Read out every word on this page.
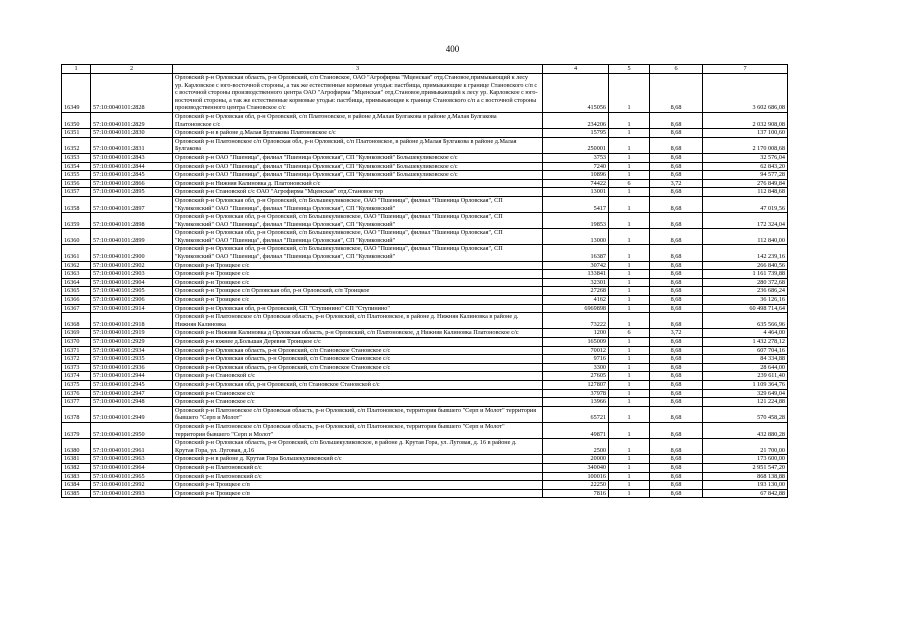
400
1	2	3	4	5	6	7
16349	57:10:0040101:2828	Орловский р-н Орловская область, р-н Орловский, с/п Становское, ОАО "Агрофирма "Мценская" отд.Становое,примыкающий к лесу
ур. Карловское с юго-восточной стороны, а так же естественные кормовые угодья: пастбища, примыкающие к границе Становского с/п с
с восточной стороны производственного центра ОАО "Агрофирма "Мценская" отд.Становое,примыкающий к лесу ур. Карловское с юго-
восточной стороны, а так же естественные кормовые угодья: пастбища, примыкающие к границе Становского с/п а с восточной стороны
производственного центра Становское с/с	415056	1	8,68	3 602 686,08
16350	57:10:0040101:2829	Орловский р-н Орловская обл, р-н Орловский, с/п Платоновское, в районе д.Малая Булгакова в районе д.Малая Булгакова
Платоновское с/с	234206	1	8,68	2 032 908,08
16351	57:10:0040101:2830	Орловский р-н в районе д.Малая Булгакова Платоновское с/с	15795	1	8,68	137 100,60
16352	57:10:0040101:2831	Орловский р-н Платоновское с/п Орловская обл, р-н Орловский, с/п Платоновское, в районе д.Малая Булгакова в районе д.Малая
Булгакова	250001	1	8,68	2 170 008,68
16353	57:10:0040101:2843	Орловский р-н ОАО "Пшеница", филиал "Пшеница Орловская", СП "Кулнковский" Большекуликовское с/с	3753	1	8,68	32 576,04
16354	57:10:0040101:2844	Орловский р-н ОАО "Пшеница", филиал "Пшеница Орловская", СП "Куликовский" Большекуликовское с/с	7240	1	8,68	62 843,20
16355	57:10:0040101:2845	Орловский р-н ОАО "Пшеница", филиал "Пшеница Орловская", СП "Куликовский" Большекуликовское с/с	10896	1	8,68	94 577,28
16356	57:10:0040101:2866	Орловский р-н Нижняя Калиновка д. Платоновский с/с	74422	6	3,72	276 849,84
16357	57:10:0040101:2895	Орловский р-н Становской с/с ОАО "Агрофирма "Мценская" отд.Становое тер	13001	1	8,68	112 848,68
16358	57:10:0040101:2897	Орловский р-н Орловская обл, р-н Орловский, с/п Большекуликовское, ОАО "Пшеница", филиал "Пшеница Орловская", СП
"Куликовский" ОАО "Пшеница", филиал "Пшеница Орловская", СП "Куликовский"	5417	1	8,68	47 019,56
16359	57:10:0040101:2898	Орловский р-н Орловская обл, р-н Орловский, с/п Большекуликовское, ОАО "Пшеница", филиал "Пшеница Орловская", СП
"Куликовский" ОАО "Пшеница", филиал "Пшеница Орловская", СП "Куликовский"	19853	1	8,68	172 324,04
16360	57:10:0040101:2899	Орловский р-н Орловская обл, р-н Орловский, с/п Большекуликовское, ОАО "Пшеница", филиал "Пшеница Орловская", СП
"Куликовский" ОАО "Пшеница", филиал "Пшеница Орловская", СП "Куликовский"	13000	1	8,68	112 840,00
16361	57:10:0040101:2900	Орловский р-н Орловская обл, р-н Орловский, с/п Большекуликовское, ОАО "Пшеница", филиал "Пшеница Орловская", СП
"Куликовский" ОАО "Пшеница", филиал "Пшеница Орловская", СП "Куликовский"	16387	1	8,68	142 239,16
16362	57:10:0040101:2902	Орловский р-н Троицкое с/с	30742	1	8,68	266 840,56
16363	57:10:0040101:2903	Орловский р-н Троицкое с/с	133841	1	8,68	1 161 739,88
16364	57:10:0040101:2904	Орловский р-н Троицкое с/с	32301	1	8,68	280 372,68
16365	57:10:0040101:2905	Орловский р-н Троицкое с/п Орловская обл, р-н Орловский, с/п Троицкое	27268	1	8,68	236 686,24
16366	57:10:0040101:2906	Орловский р-н Троицкое с/с	4162	1	8,68	36 126,16
16367	57:10:0040101:2914	Орловский р-н Орловская обл, р-н Орловский, СП "Ступинино" СП "Ступинино"	6969898	1	8,68	60 498 714,64
16368	57:10:0040101:2918	Орловский р-н Платоновское с/п Орловская область, р-н Орловский, с/п Платоновское, в районе д. Нижняя Калиновка в районе д.
Нижняя Калиновка	73222	1	8,68	635 566,96
16369	57:10:0040101:2919	Орловский р-н Нижняя Калиновка д Орловская область, р-н Орловский, с/п Платоновское, д Нижняя Калиновка Платоновское с/с	1200	6	3,72	4 464,00
16370	57:10:0040101:2929	Орловский р-н южнее д.Большая Деревня Троицкое с/с	165009	1	8,68	1 432 278,12
16371	57:10:0040101:2934	Орловский р-н Орловская область, р-н Орловский, с/п Становское Становское с/с	70012	1	8,68	607 704,16
16372	57:10:0040101:2935	Орловский р-н Орловская область, р-н Орловский, с/п Становское Становское с/с	9716	1	8,68	84 334,88
16373	57:10:0040101:2936	Орловский р-н Орловская область, р-н Орловский, с/п Становское Становское с/с	3300	1	8,68	28 644,00
16374	57:10:0040101:2944	Орловский р-н Становской с/с	27605	1	8,68	239 611,40
16375	57:10:0040101:2945	Орловский р-н Орловская обл, р-н Орловский, с/п Становское Становской с/с	127807	1	8,68	1 109 364,76
16376	57:10:0040101:2947	Орловский р-н Становское с/с	37978	1	8,68	329 649,04
16377	57:10:0040101:2948	Орловский р-н Становское с/с	13966	1	8,68	121 224,88
16378	57:10:0040101:2949	Орловский р-н Платоновское с/п Орловская область, р-н Орловский, с/п Платоновское, территория бывшего "Серп и Молот" территория
бывшего "Серп и Молот"	65721	1	8,68	570 458,28
16379	57:10:0040101:2950	Орловский р-н Платоновское с/п Орловская область, р-н Орловский, с/п Платоновское, территория бывшего "Серп и Молот"
территория бывшего "Серп и Молот"	49871	1	8,68	432 880,28
16380	57:10:0040101:2961	Орловский р-н Орловская область, р-н Орловский, с/п Большекуликовское, в районе д. Крутая Гора, ул. Луговая, д. 16 в районе д.
Крутая Гора, ул. Луговая, д.16	2500	1	8,68	21 700,00
16381	57:10:0040101:2963	Орловский р-н в районе д. Крутая Гора Большекуликовский с/с	20000	1	8,68	173 600,00
16382	57:10:0040101:2964	Орловский р-н Платоновский с/с	340040	1	8,68	2 951 547,20
16383	57:10:0040101:2965	Орловский р-н Платоновский с/с	100016	1	8,68	868 138,88
16384	57:10:0040101:2992	Орловский р-н Троицкое с/п	22250	1	8,68	193 130,00
16385	57:10:0040101:2993	Орловский р-н Троицкое с/п	7816	1	8,68	67 842,88
